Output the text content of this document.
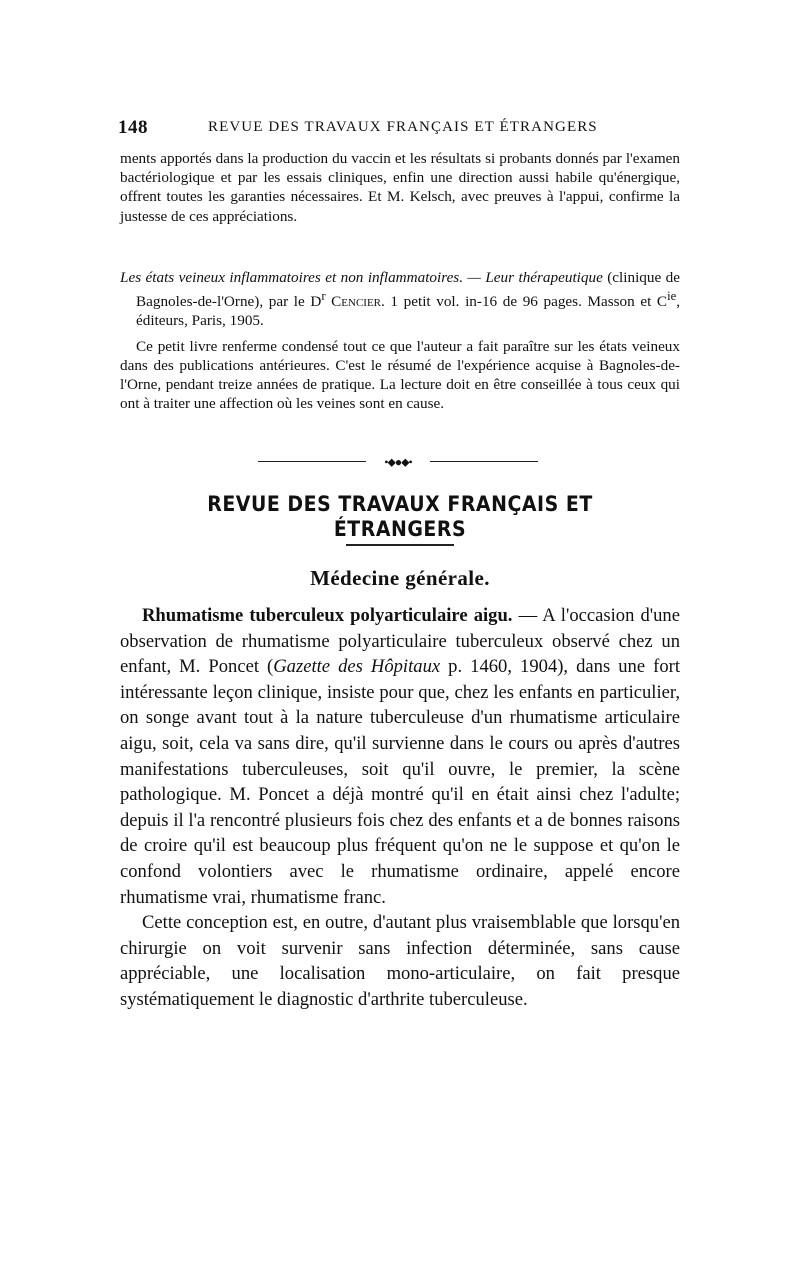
148	REVUE DES TRAVAUX FRANÇAIS ET ÉTRANGERS

ments apportés dans la production du vaccin et les résultats si probants donnés par l'examen bactériologique et par les essais cliniques, enfin une direction aussi habile qu'énergique, offrent toutes les garanties nécessaires. Et M. Kelsch, avec preuves à l'appui, confirme la justesse de ces appréciations.

Les états veineux inflammatoires et non inflammatoires. — Leur thérapeutique (clinique de Bagnoles-de-l'Orne), par le $D^r$ Cencier. 1 petit vol. in-16 de 96 pages. Masson et $C^{ie}$, éditeurs, Paris, 1905.

Ce petit livre renferme condensé tout ce que l'auteur a fait paraître sur les états veineux dans des publications antérieures. C'est le résumé de l'expérience acquise à Bagnoles-de-l'Orne, pendant treize années de pratique. La lecture doit en être conseillée à tous ceux qui ont à traiter une affection où les veines sont en cause.

•⬥●⬥•
REVUE DES TRAVAUX FRANÇAIS ET ÉTRANGERS
Médecine générale.

Rhumatisme tuberculeux polyarticulaire aigu. — A l'occasion d'une observation de rhumatisme polyarticulaire tuberculeux observé chez un enfant, M. Poncet (Gazette des Hôpitaux p. 1460, 1904), dans une fort intéressante leçon clinique, insiste pour que, chez les enfants en particulier, on songe avant tout à la nature tuberculeuse d'un rhumatisme articulaire aigu, soit, cela va sans dire, qu'il survienne dans le cours ou après d'autres manifestations tuberculeuses, soit qu'il ouvre, le premier, la scène pathologique. M. Poncet a déjà montré qu'il en était ainsi chez l'adulte; depuis il l'a rencontré plusieurs fois chez des enfants et a de bonnes raisons de croire qu'il est beaucoup plus fréquent qu'on ne le suppose et qu'on le confond volontiers avec le rhumatisme ordinaire, appelé encore rhumatisme vrai, rhumatisme franc.

Cette conception est, en outre, d'autant plus vraisemblable que lorsqu'en chirurgie on voit survenir sans infection déterminée, sans cause appréciable, une localisation mono-articulaire, on fait presque systématiquement le diagnostic d'arthrite tuberculeuse.
